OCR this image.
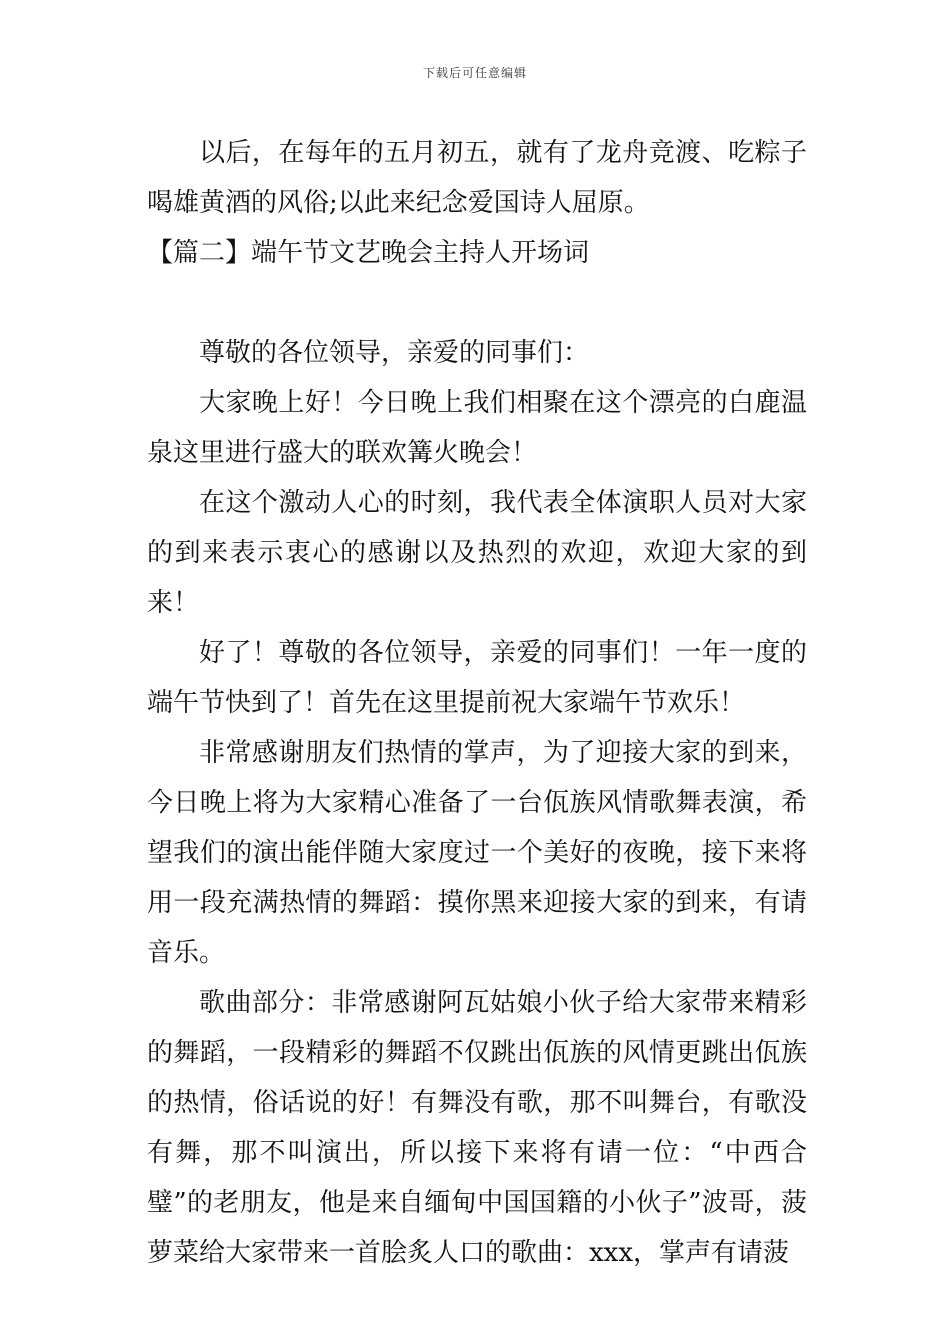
下载后可任意编辑

以后，在每年的五月初五，就有了龙舟竞渡、吃粽子喝雄黄酒的风俗;以此来纪念爱国诗人屈原。

【篇二】端午节文艺晚会主持人开场词

尊敬的各位领导，亲爱的同事们：

大家晚上好！今日晚上我们相聚在这个漂亮的白鹿温泉这里进行盛大的联欢篝火晚会！

在这个激动人心的时刻，我代表全体演职人员对大家的到来表示衷心的感谢以及热烈的欢迎，欢迎大家的到来！

好了！尊敬的各位领导，亲爱的同事们！一年一度的端午节快到了！首先在这里提前祝大家端午节欢乐！

非常感谢朋友们热情的掌声，为了迎接大家的到来，今日晚上将为大家精心准备了一台佤族风情歌舞表演，希望我们的演出能伴随大家度过一个美好的夜晚，接下来将用一段充满热情的舞蹈：摸你黑来迎接大家的到来，有请音乐。

歌曲部分：非常感谢阿瓦姑娘小伙子给大家带来精彩的舞蹈，一段精彩的舞蹈不仅跳出佤族的风情更跳出佤族的热情，俗话说的好！有舞没有歌，那不叫舞台，有歌没有舞，那不叫演出，所以接下来将有请一位：“中西合璧”的老朋友，他是来自缅甸中国国籍的小伙子”波哥，菠萝菜给大家带来一首脍炙人口的歌曲：xxx，掌声有请菠
